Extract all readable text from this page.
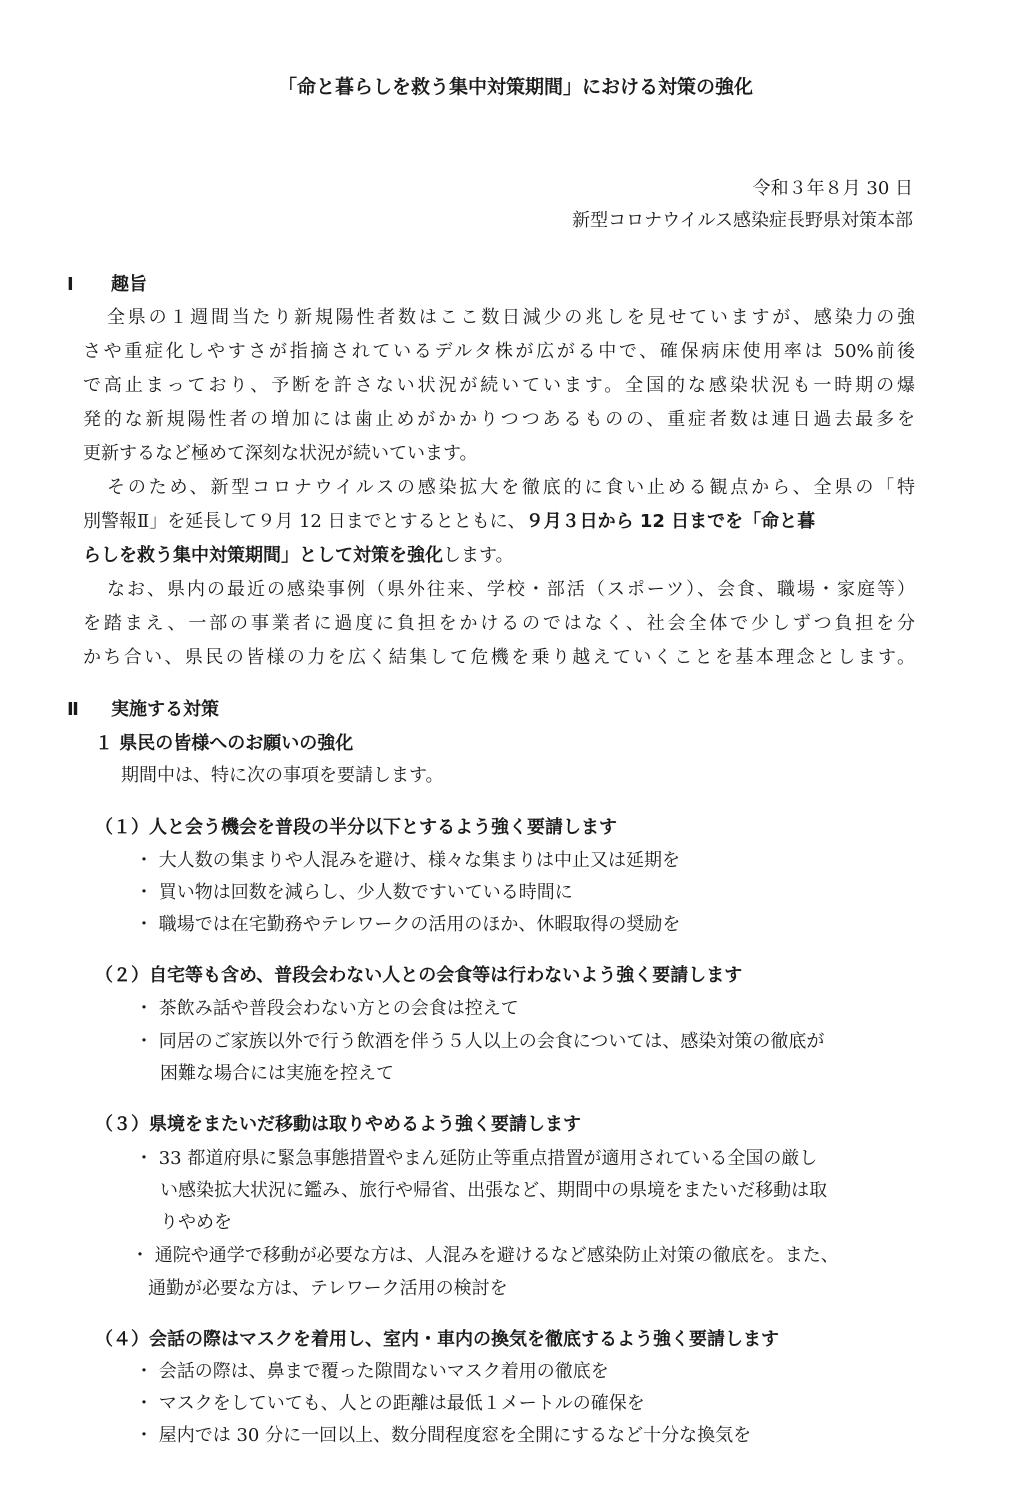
「命と暮らしを救う集中対策期間」における対策の強化
令和３年８月 30 日
新型コロナウイルス感染症長野県対策本部
Ⅰ 趣旨
全県の１週間当たり新規陽性者数はここ数日減少の兆しを見せていますが、感染力の強
さや重症化しやすさが指摘されているデルタ株が広がる中で、確保病床使用率は 50%前後
で高止まっており、予断を許さない状況が続いています。全国的な感染状況も一時期の爆
発的な新規陽性者の増加には歯止めがかかりつつあるものの、重症者数は連日過去最多を
更新するなど極めて深刻な状況が続いています。
そのため、新型コロナウイルスの感染拡大を徹底的に食い止める観点から、全県の「特
別警報Ⅱ」を延長して９月 12 日までとするとともに、９月３日から 12 日までを「命と暮
らしを救う集中対策期間」として対策を強化します。
なお、県内の最近の感染事例（県外往来、学校・部活（スポーツ）、会食、職場・家庭等）
を踏まえ、一部の事業者に過度に負担をかけるのではなく、社会全体で少しずつ負担を分
かち合い、県民の皆様の力を広く結集して危機を乗り越えていくことを基本理念とします。
Ⅱ 実施する対策
１ 県民の皆様へのお願いの強化
期間中は、特に次の事項を要請します。
（１）人と会う機会を普段の半分以下とするよう強く要請します
・ 大人数の集まりや人混みを避け、様々な集まりは中止又は延期を
・ 買い物は回数を減らし、少人数ですいている時間に
・ 職場では在宅勤務やテレワークの活用のほか、休暇取得の奨励を
（２）自宅等も含め、普段会わない人との会食等は行わないよう強く要請します
・ 茶飲み話や普段会わない方との会食は控えて
・ 同居のご家族以外で行う飲酒を伴う５人以上の会食については、感染対策の徹底が
困難な場合には実施を控えて
（３）県境をまたいだ移動は取りやめるよう強く要請します
・ 33 都道府県に緊急事態措置やまん延防止等重点措置が適用されている全国の厳し
い感染拡大状況に鑑み、旅行や帰省、出張など、期間中の県境をまたいだ移動は取
りやめを
・ 通院や通学で移動が必要な方は、人混みを避けるなど感染防止対策の徹底を。また、
通勤が必要な方は、テレワーク活用の検討を
（４）会話の際はマスクを着用し、室内・車内の換気を徹底するよう強く要請します
・ 会話の際は、鼻まで覆った隙間ないマスク着用の徹底を
・ マスクをしていても、人との距離は最低１メートルの確保を
・ 屋内では 30 分に一回以上、数分間程度窓を全開にするなど十分な換気を
